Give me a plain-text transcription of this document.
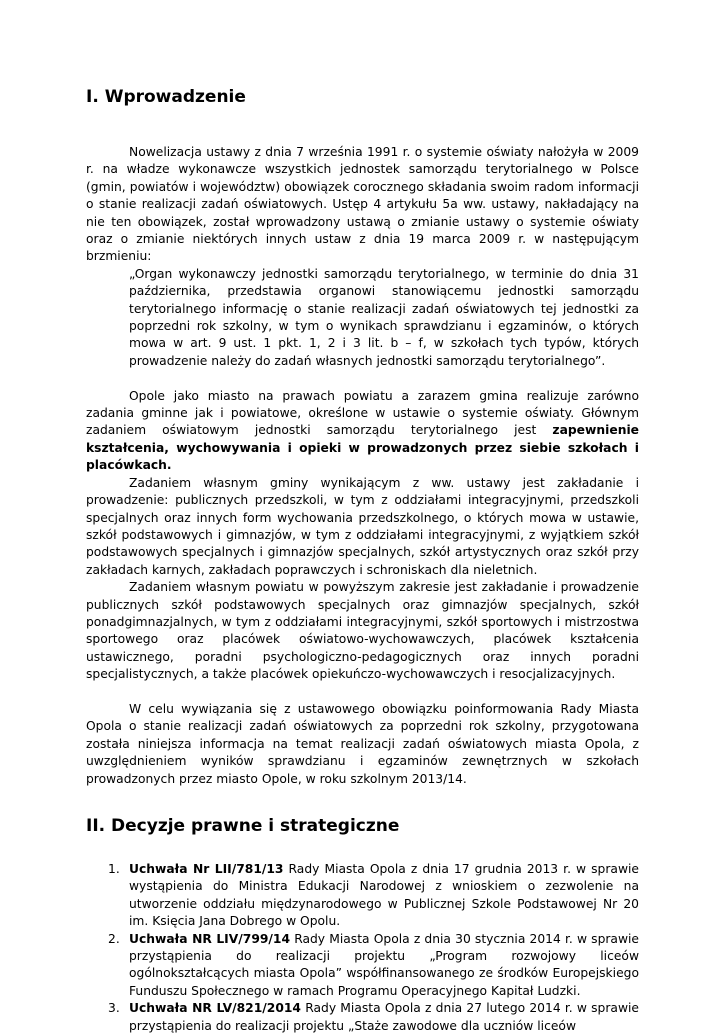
I. Wprowadzenie

Nowelizacja ustawy z dnia 7 września 1991 r. o systemie oświaty nałożyła w 2009 r. na władze wykonawcze wszystkich jednostek samorządu terytorialnego w Polsce (gmin, powiatów i województw) obowiązek corocznego składania swoim radom informacji o stanie realizacji zadań oświatowych. Ustęp 4 artykułu 5a ww. ustawy, nakładający na nie ten obowiązek, został wprowadzony ustawą o zmianie ustawy o systemie oświaty oraz o zmianie niektórych innych ustaw z dnia 19 marca 2009 r. w następującym brzmieniu:

„Organ wykonawczy jednostki samorządu terytorialnego, w terminie do dnia 31 października, przedstawia organowi stanowiącemu jednostki samorządu terytorialnego informację o stanie realizacji zadań oświatowych tej jednostki za poprzedni rok szkolny, w tym o wynikach sprawdzianu i egzaminów, o których mowa w art. 9 ust. 1 pkt. 1, 2 i 3 lit. b – f, w szkołach tych typów, których prowadzenie należy do zadań własnych jednostki samorządu terytorialnego”.

Opole jako miasto na prawach powiatu a zarazem gmina realizuje zarówno zadania gminne jak i powiatowe, określone w ustawie o systemie oświaty. Głównym zadaniem oświatowym jednostki samorządu terytorialnego jest zapewnienie kształcenia, wychowywania i opieki w prowadzonych przez siebie szkołach i placówkach.

Zadaniem własnym gminy wynikającym z ww. ustawy jest zakładanie i prowadzenie: publicznych przedszkoli, w tym z oddziałami integracyjnymi, przedszkoli specjalnych oraz innych form wychowania przedszkolnego, o których mowa w ustawie, szkół podstawowych i gimnazjów, w tym z oddziałami integracyjnymi, z wyjątkiem szkół podstawowych specjalnych i gimnazjów specjalnych, szkół artystycznych oraz szkół przy zakładach karnych, zakładach poprawczych i schroniskach dla nieletnich.

Zadaniem własnym powiatu w powyższym zakresie jest zakładanie i prowadzenie publicznych szkół podstawowych specjalnych oraz gimnazjów specjalnych, szkół ponadgimnazjalnych, w tym z oddziałami integracyjnymi, szkół sportowych i mistrzostwa sportowego oraz placówek oświatowo-wychowawczych, placówek kształcenia ustawicznego, poradni psychologiczno-pedagogicznych oraz innych poradni specjalistycznych, a także placówek opiekuńczo-wychowawczych i resocjalizacyjnych.

W celu wywiązania się z ustawowego obowiązku poinformowania Rady Miasta Opola o stanie realizacji zadań oświatowych za poprzedni rok szkolny, przygotowana została niniejsza informacja na temat realizacji zadań oświatowych miasta Opola, z uwzględnieniem wyników sprawdzianu i egzaminów zewnętrznych w szkołach prowadzonych przez miasto Opole, w roku szkolnym 2013/14.

II. Decyzje prawne i strategiczne
1. Uchwała Nr LII/781/13 Rady Miasta Opola z dnia 17 grudnia 2013 r. w sprawie wystąpienia do Ministra Edukacji Narodowej z wnioskiem o zezwolenie na utworzenie oddziału międzynarodowego w Publicznej Szkole Podstawowej Nr 20 im. Księcia Jana Dobrego w Opolu.
2. Uchwała NR LIV/799/14 Rady Miasta Opola z dnia 30 stycznia 2014 r. w sprawie przystąpienia do realizacji projektu „Program rozwojowy liceów ogólnokształcących miasta Opola” współfinansowanego ze środków Europejskiego Funduszu Społecznego w ramach Programu Operacyjnego Kapitał Ludzki.
3. Uchwała NR LV/821/2014 Rady Miasta Opola z dnia 27 lutego 2014 r. w sprawie przystąpienia do realizacji projektu „Staże zawodowe dla uczniów liceów
